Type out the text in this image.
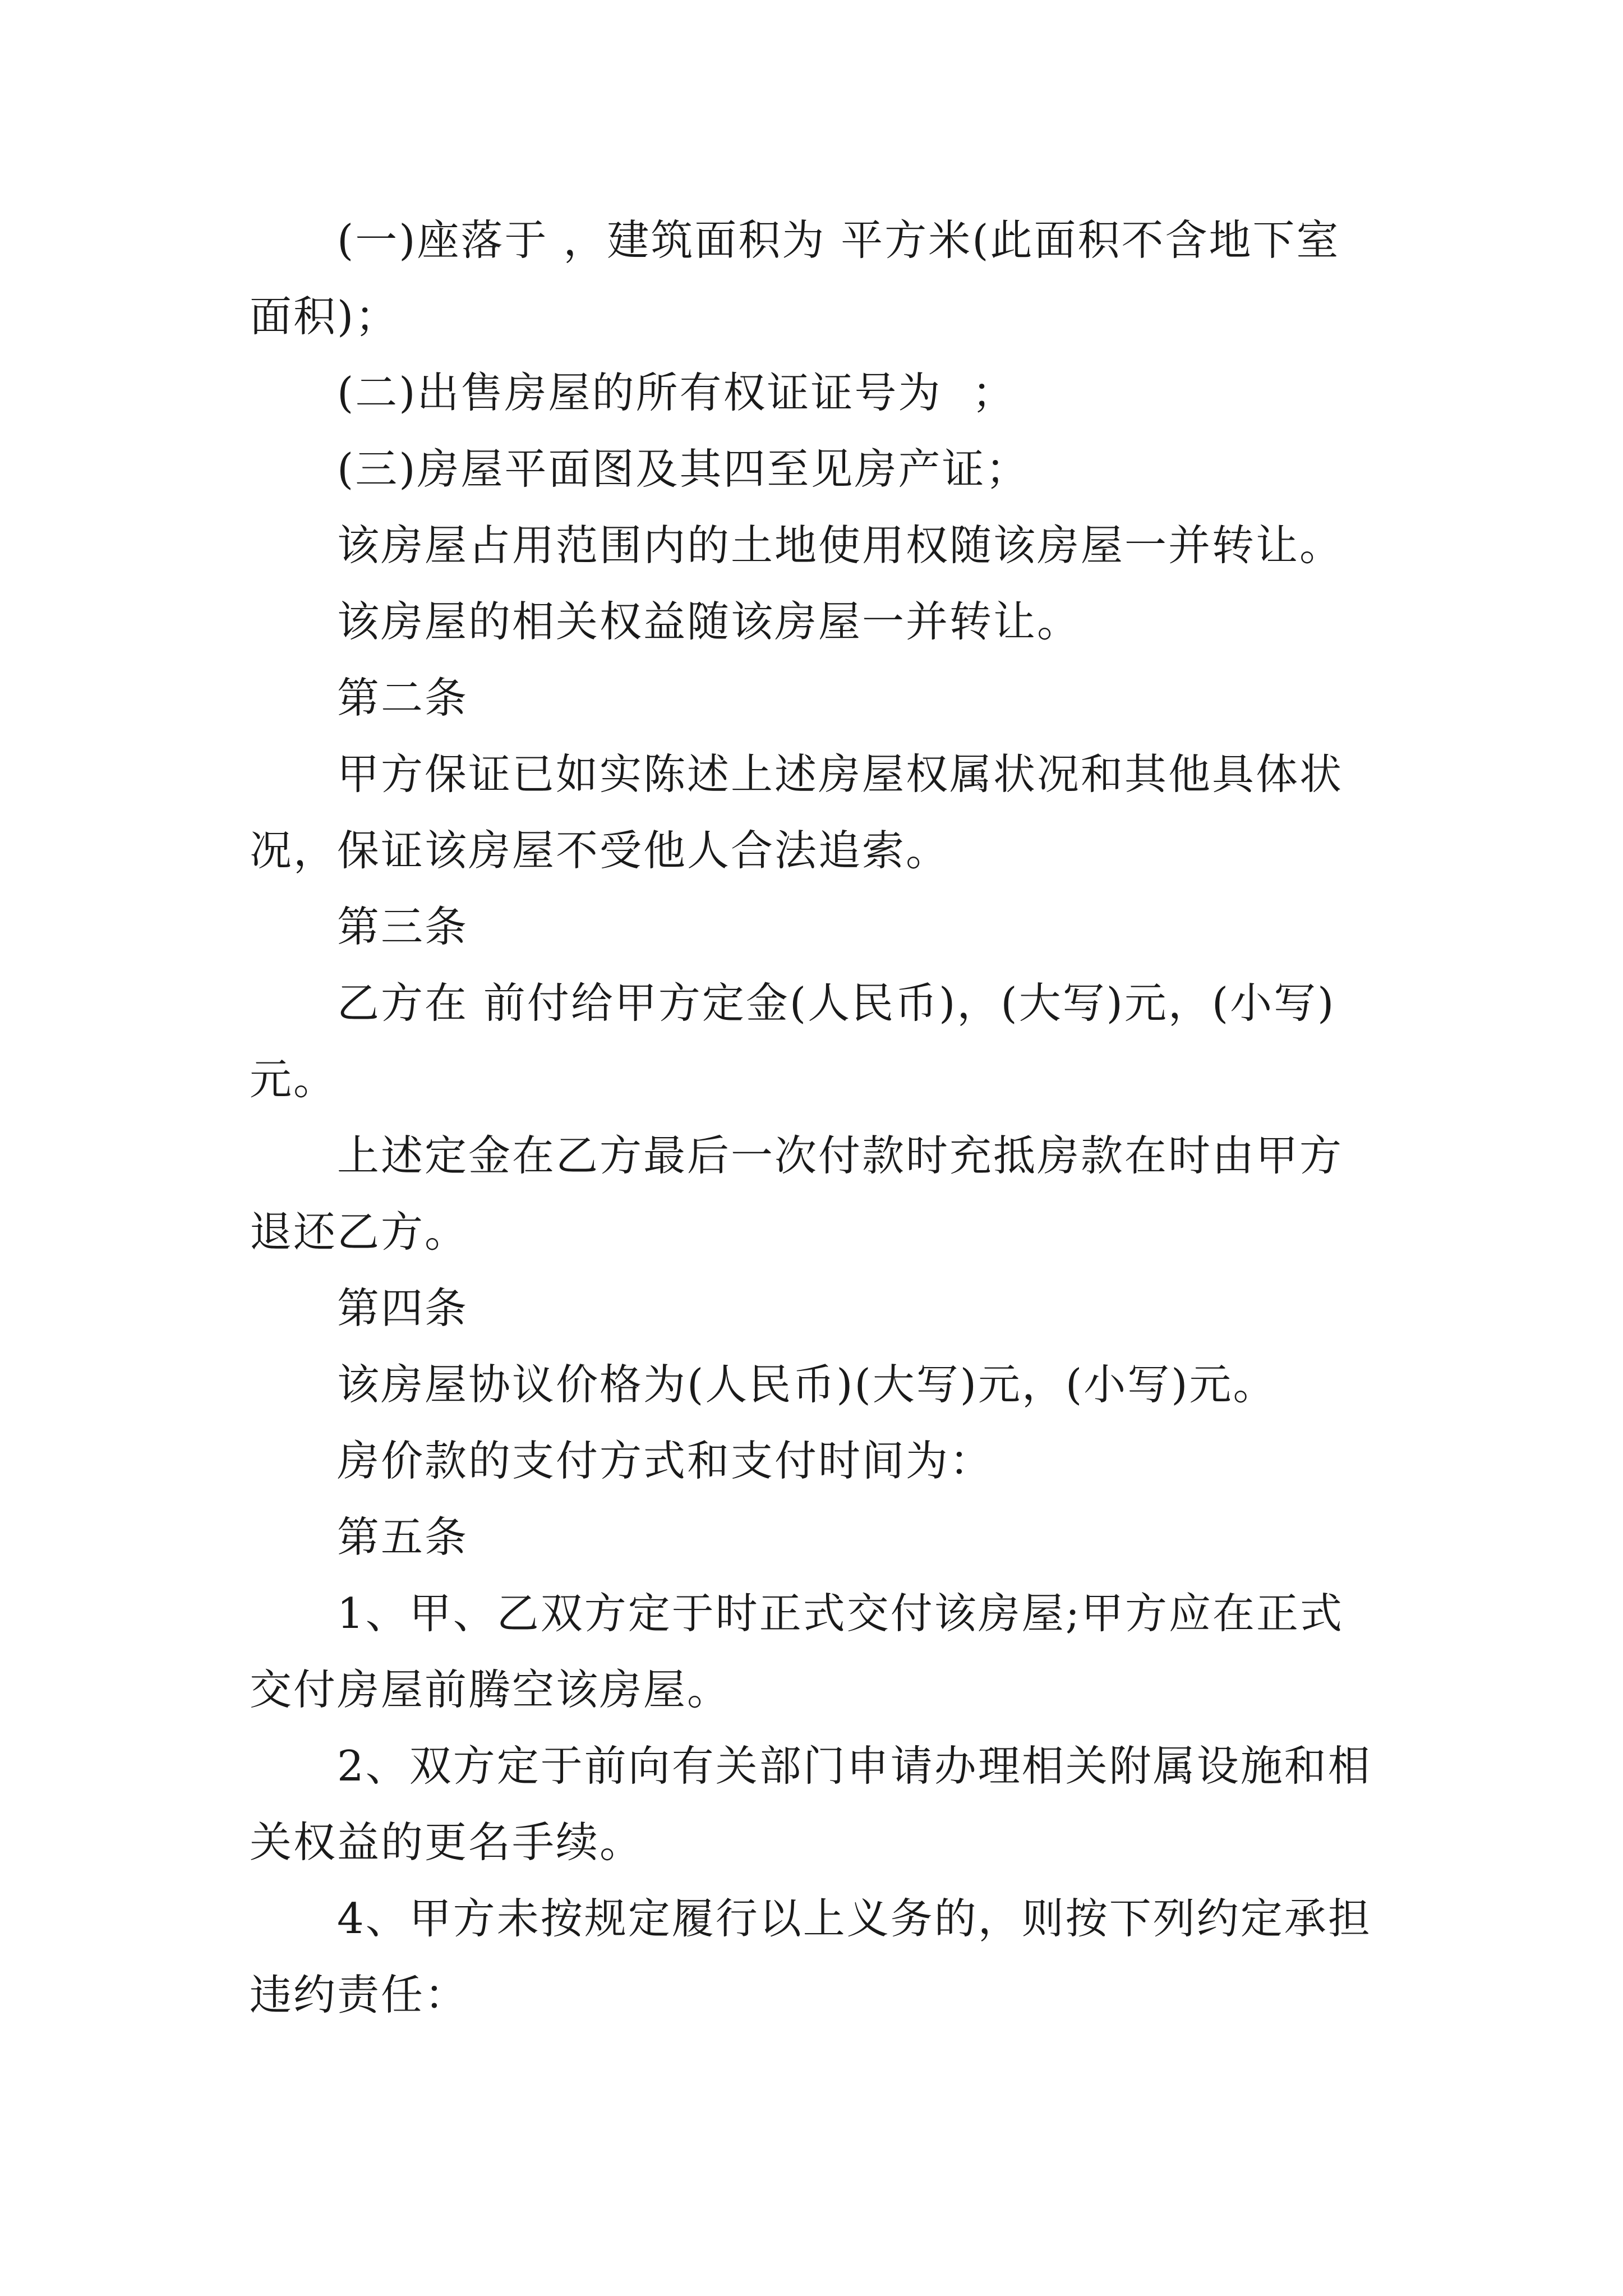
(一)座落于 ，建筑面积为 平方米(此面积不含地下室面积)；

(二)出售房屋的所有权证证号为  ；

(三)房屋平面图及其四至见房产证；

该房屋占用范围内的土地使用权随该房屋一并转让。

该房屋的相关权益随该房屋一并转让。

第二条

甲方保证已如实陈述上述房屋权属状况和其他具体状况，保证该房屋不受他人合法追索。

第三条

乙方在 前付给甲方定金(人民币)，(大写)元，(小写)元。

上述定金在乙方最后一次付款时充抵房款在时由甲方退还乙方。

第四条

该房屋协议价格为(人民币)(大写)元，(小写)元。

房价款的支付方式和支付时间为：

第五条

1、甲、乙双方定于时正式交付该房屋;甲方应在正式交付房屋前腾空该房屋。

2、双方定于前向有关部门申请办理相关附属设施和相关权益的更名手续。

4、甲方未按规定履行以上义务的，则按下列约定承担违约责任：
